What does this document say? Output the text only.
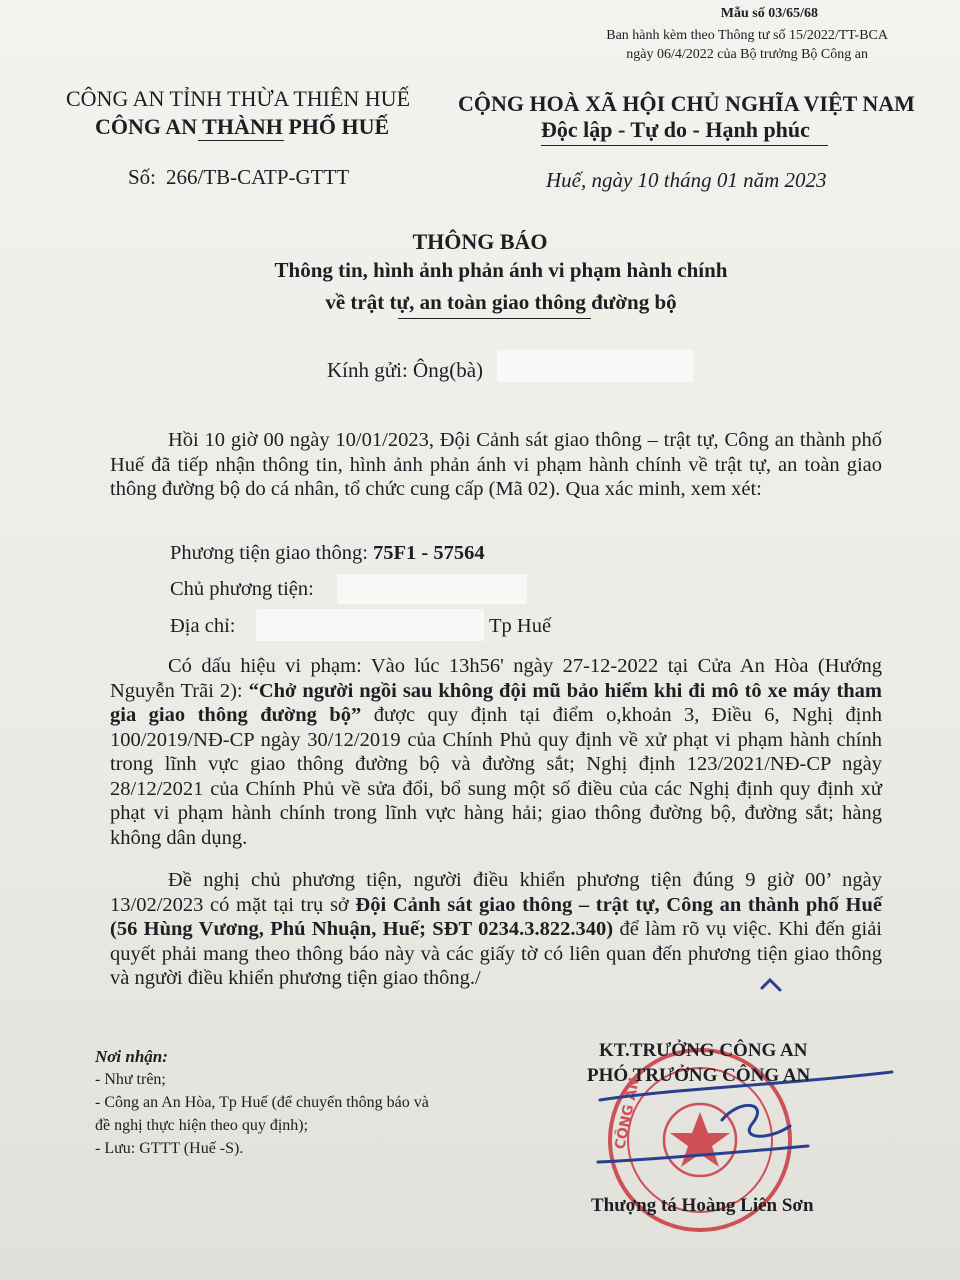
Mẫu số 03/65/68
Ban hành kèm theo Thông tư số 15/2022/TT-BCA
ngày 06/4/2022 của Bộ trưởng Bộ Công an
CÔNG AN TỈNH THỪA THIÊN HUẾ
CÔNG AN THÀNH PHỐ HUẾ
CỘNG HOÀ XÃ HỘI CHỦ NGHĨA VIỆT NAM
Độc lập - Tự do - Hạnh phúc
Số: 266/TB-CATP-GTTT	Huế, ngày 10 tháng 01 năm 2023
THÔNG BÁO
Thông tin, hình ảnh phản ánh vi phạm hành chính
về trật tự, an toàn giao thông đường bộ
Kính gửi: Ông(bà)

Hồi 10 giờ 00 ngày 10/01/2023, Đội Cảnh sát giao thông – trật tự, Công an thành phố Huế đã tiếp nhận thông tin, hình ảnh phản ánh vi phạm hành chính về trật tự, an toàn giao thông đường bộ do cá nhân, tổ chức cung cấp (Mã 02). Qua xác minh, xem xét:

Phương tiện giao thông: 75F1 - 57564
Chủ phương tiện:
Địa chỉ:	Tp Huế

Có dấu hiệu vi phạm: Vào lúc 13h56' ngày 27-12-2022 tại Cửa An Hòa (Hướng Nguyễn Trãi 2): “Chở người ngồi sau không đội mũ bảo hiểm khi đi mô tô xe máy tham gia giao thông đường bộ” được quy định tại điểm o,khoản 3, Điều 6, Nghị định 100/2019/NĐ-CP ngày 30/12/2019 của Chính Phủ quy định về xử phạt vi phạm hành chính trong lĩnh vực giao thông đường bộ và đường sắt; Nghị định 123/2021/NĐ-CP ngày 28/12/2021 của Chính Phủ về sửa đổi, bổ sung một số điều của các Nghị định quy định xử phạt vi phạm hành chính trong lĩnh vực hàng hải; giao thông đường bộ, đường sắt; hàng không dân dụng.

Đề nghị chủ phương tiện, người điều khiển phương tiện đúng 9 giờ 00’ ngày 13/02/2023 có mặt tại trụ sở Đội Cảnh sát giao thông – trật tự, Công an thành phố Huế (56 Hùng Vương, Phú Nhuận, Huế; SĐT 0234.3.822.340) để làm rõ vụ việc. Khi đến giải quyết phải mang theo thông báo này và các giấy tờ có liên quan đến phương tiện giao thông và người điều khiển phương tiện giao thông./

Nơi nhận:
- Như trên;
- Công an An Hòa, Tp Huế (để chuyển thông báo và
đề nghị thực hiện theo quy định);
- Lưu: GTTT (Huế -S).	CÔNG AN
KT.TRƯỞNG CÔNG AN
PHÓ TRƯỞNG CÔNG AN
Thượng tá Hoàng Liên Sơn
